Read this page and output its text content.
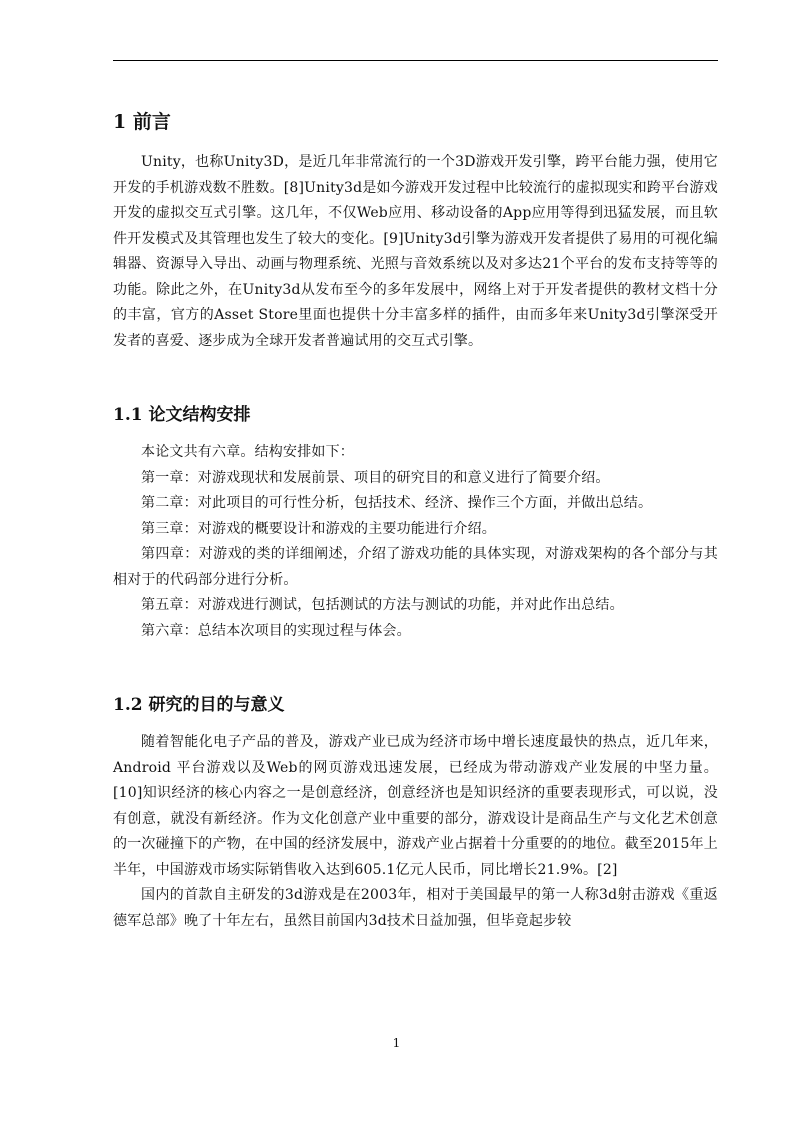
1 前言

Unity，也称Unity3D，是近几年非常流行的一个3D游戏开发引擎，跨平台能力强，使用它开发的手机游戏数不胜数。[8]Unity3d是如今游戏开发过程中比较流行的虚拟现实和跨平台游戏开发的虚拟交互式引擎。这几年，不仅Web应用、移动设备的App应用等得到迅猛发展，而且软件开发模式及其管理也发生了较大的变化。[9]Unity3d引擎为游戏开发者提供了易用的可视化编辑器、资源导入导出、动画与物理系统、光照与音效系统以及对多达21个平台的发布支持等等的功能。除此之外，在Unity3d从发布至今的多年发展中，网络上对于开发者提供的教材文档十分的丰富，官方的Asset Store里面也提供十分丰富多样的插件，由而多年来Unity3d引擎深受开发者的喜爱、逐步成为全球开发者普遍试用的交互式引擎。

1.1 论文结构安排

本论文共有六章。结构安排如下：

第一章：对游戏现状和发展前景、项目的研究目的和意义进行了简要介绍。

第二章：对此项目的可行性分析，包括技术、经济、操作三个方面，并做出总结。

第三章：对游戏的概要设计和游戏的主要功能进行介绍。

第四章：对游戏的类的详细阐述，介绍了游戏功能的具体实现，对游戏架构的各个部分与其相对于的代码部分进行分析。

第五章：对游戏进行测试，包括测试的方法与测试的功能，并对此作出总结。

第六章：总结本次项目的实现过程与体会。

1.2 研究的目的与意义

随着智能化电子产品的普及，游戏产业已成为经济市场中增长速度最快的热点，近几年来，Android 平台游戏以及Web的网页游戏迅速发展，已经成为带动游戏产业发展的中坚力量。[10]知识经济的核心内容之一是创意经济，创意经济也是知识经济的重要表现形式，可以说，没有创意，就没有新经济。作为文化创意产业中重要的部分，游戏设计是商品生产与文化艺术创意的一次碰撞下的产物，在中国的经济发展中，游戏产业占据着十分重要的的地位。截至2015年上半年，中国游戏市场实际销售收入达到605.1亿元人民币，同比增长21.9%。[2]

国内的首款自主研发的3d游戏是在2003年，相对于美国最早的第一人称3d射击游戏《重返德军总部》晚了十年左右，虽然目前国内3d技术日益加强，但毕竟起步较

1
